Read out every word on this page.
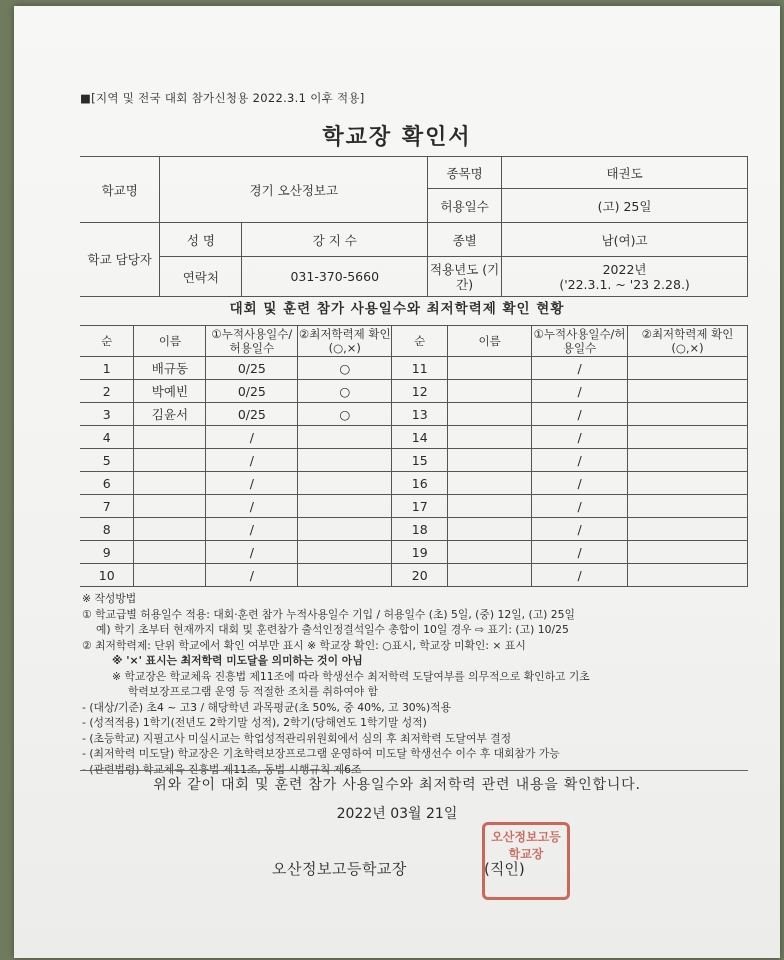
■[지역 및 전국 대회 참가신청용 2022.3.1 이후 적용]
학교장 확인서
학교명	경기 오산정보고		종목명	태권도
			허용일수	(고) 25일
학교 담당자	성 명	강 지 수	종별	남(여)고
	연락처	031-370-5660	적용년도 (기간)	2022년
('22.3.1. ~ '23 2.28.)
대회 및 훈련 참가 사용일수와 최저학력제 확인 현황
순	이름	①누적사용일수/허용일수	②최저학력제 확인(○,×)	순	이름	①누적사용일수/허용일수	②최저학력제 확인(○,×)
1	배규동	0/25	○	11		/	
2	박예빈	0/25	○	12		/	
3	김윤서	0/25	○	13		/	
4		/		14		/	
5		/		15		/	
6		/		16		/	
7		/		17		/	
8		/		18		/	
9		/		19		/	
10		/		20		/	
※ 작성방법
① 학교급별 허용일수 적용: 대회·훈련 참가 누적사용일수 기입 / 허용일수 (초) 5일, (중) 12일, (고) 25일
예) 학기 초부터 현재까지 대회 및 훈련참가 출석인정결석일수 총합이 10일 경우 ⇨ 표기: (고) 10/25
② 최저학력제: 단위 학교에서 확인 여부만 표시 ※ 학교장 확인: ○표시, 학교장 미확인: × 표시
※ '×' 표시는 최저학력 미도달을 의미하는 것이 아님
※ 학교장은 학교체육 진흥법 제11조에 따라 학생선수 최저학력 도달여부를 의무적으로 확인하고 기초
학력보장프로그램 운영 등 적절한 조치를 취하여야 함
- (대상/기준) 초4 ~ 고3 / 해당학년 과목평균(초 50%, 중 40%, 고 30%)적용
- (성적적용) 1학기(전년도 2학기말 성적), 2학기(당해연도 1학기말 성적)
- (초등학교) 지필고사 미실시교는 학업성적관리위원회에서 심의 후 최저학력 도달여부 결정
- (최저학력 미도달) 학교장은 기초학력보장프로그램 운영하여 미도달 학생선수 이수 후 대회참가 가능
- (관련법령) 학교체육 진흥법 제11조, 동법 시행규칙 제6조
위와 같이 대회 및 훈련 참가 사용일수와 최저학력 관련 내용을 확인합니다.
2022년 03월 21일
오산정보고등학교장	(직인)
오산정보고등학교장
